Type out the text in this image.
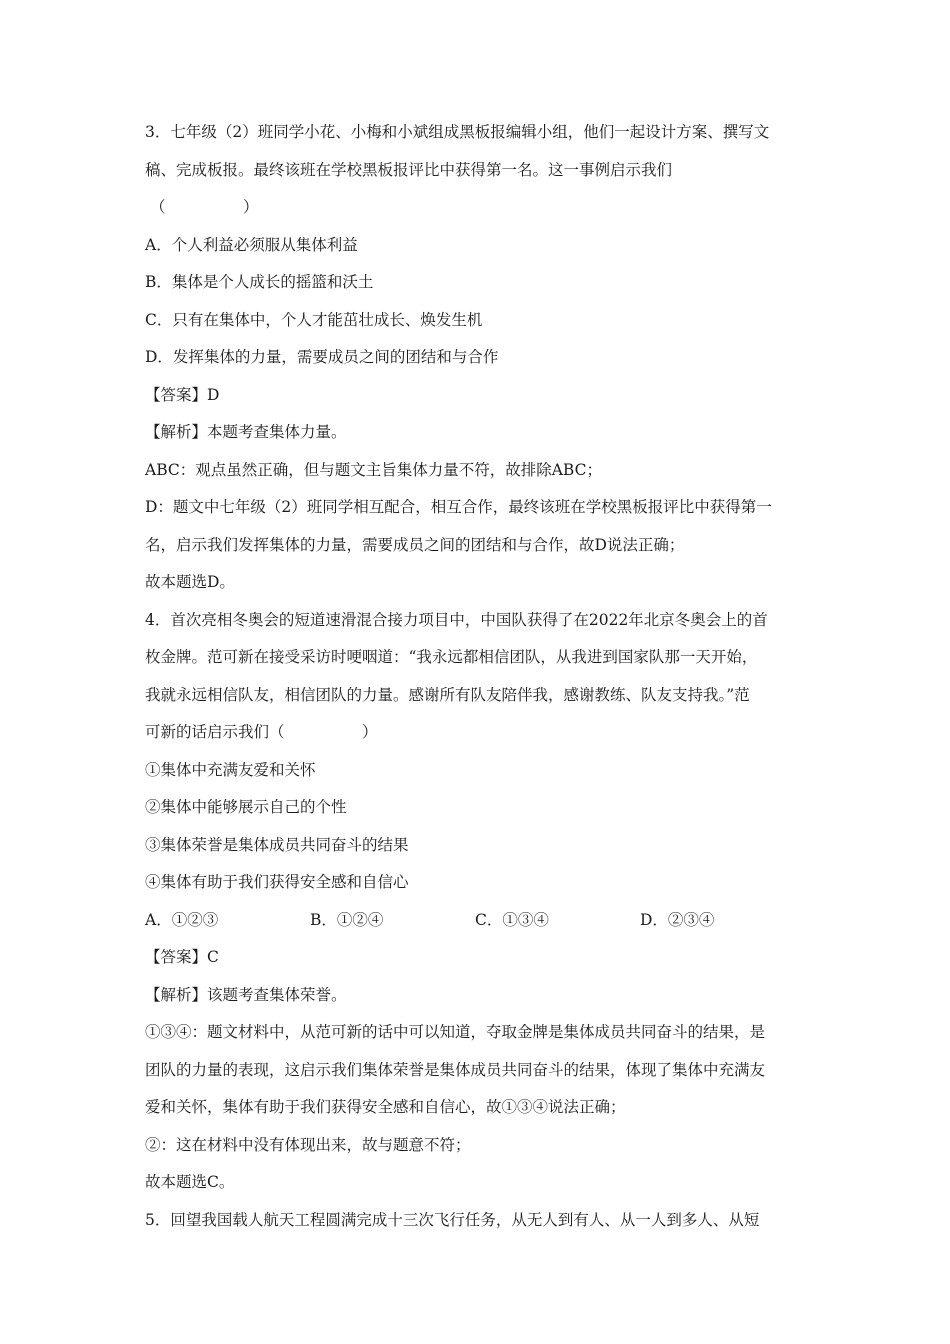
3．七年级（2）班同学小花、小梅和小斌组成黑板报编辑小组，他们一起设计方案、撰写文
稿、完成板报。最终该班在学校黑板报评比中获得第一名。这一事例启示我们
（　　　　　）
A．个人利益必须服从集体利益
B．集体是个人成长的摇篮和沃土
C．只有在集体中，个人才能茁壮成长、焕发生机
D．发挥集体的力量，需要成员之间的团结和与合作
【答案】D
【解析】本题考查集体力量。
ABC：观点虽然正确，但与题文主旨集体力量不符，故排除ABC；
D：题文中七年级（2）班同学相互配合，相互合作，最终该班在学校黑板报评比中获得第一
名，启示我们发挥集体的力量，需要成员之间的团结和与合作，故D说法正确；
故本题选D。
4．首次亮相冬奥会的短道速滑混合接力项目中，中国队获得了在2022年北京冬奥会上的首
枚金牌。范可新在接受采访时哽咽道：“我永远都相信团队，从我进到国家队那一天开始，
我就永远相信队友，相信团队的力量。感谢所有队友陪伴我，感谢教练、队友支持我。”范
可新的话启示我们（　　　　　）
①集体中充满友爱和关怀
②集体中能够展示自己的个性
③集体荣誉是集体成员共同奋斗的结果
④集体有助于我们获得安全感和自信心
A．①②③	B．①②④	C．①③④	D．②③④
【答案】C
【解析】该题考查集体荣誉。
①③④：题文材料中，从范可新的话中可以知道，夺取金牌是集体成员共同奋斗的结果，是
团队的力量的表现，这启示我们集体荣誉是集体成员共同奋斗的结果，体现了集体中充满友
爱和关怀，集体有助于我们获得安全感和自信心，故①③④说法正确；
②：这在材料中没有体现出来，故与题意不符；
故本题选C。
5．回望我国载人航天工程圆满完成十三次飞行任务，从无人到有人、从一人到多人、从短
